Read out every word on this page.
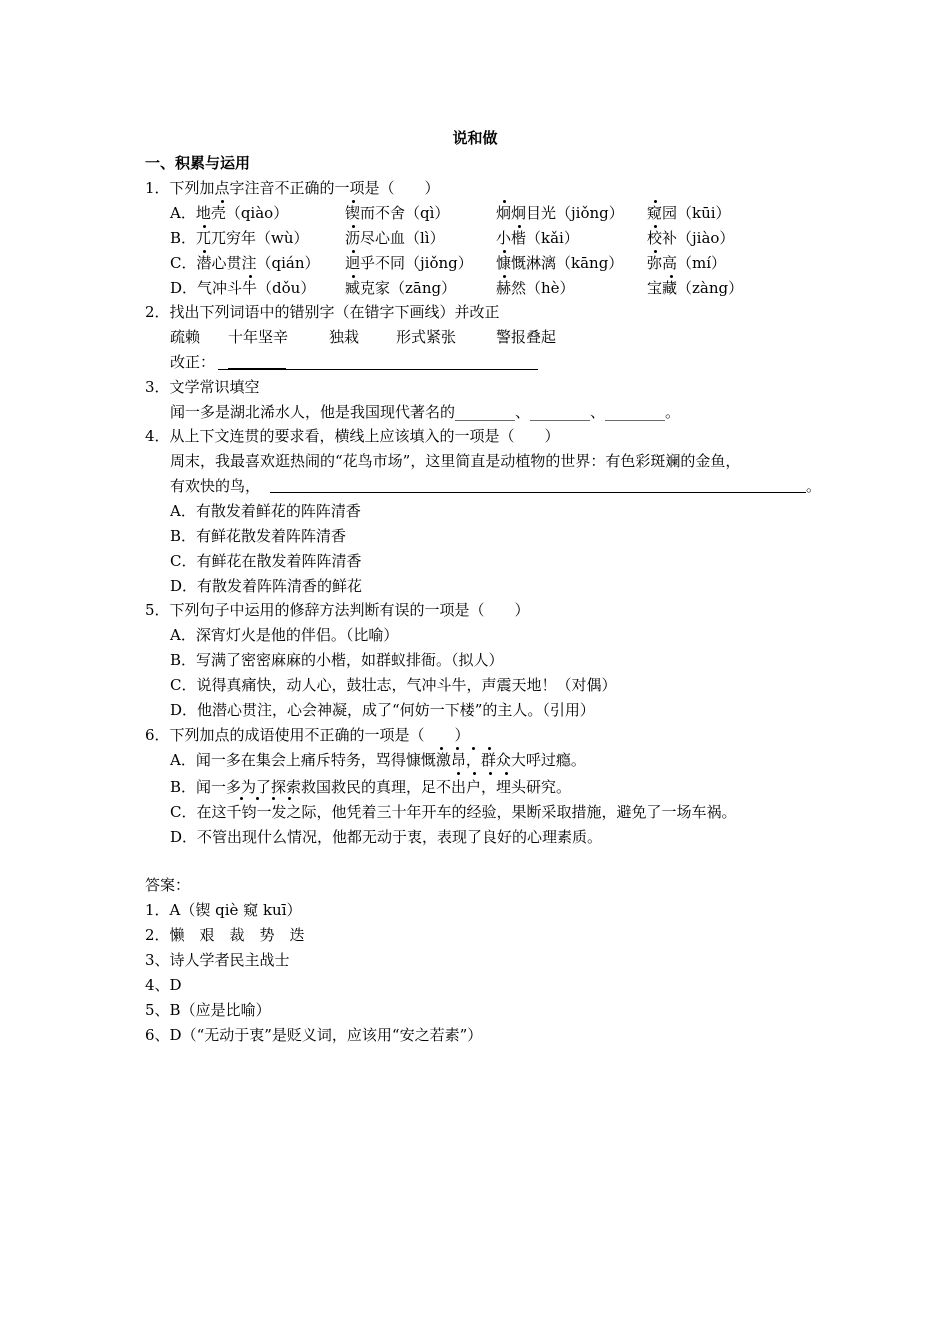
说和做
一、积累与运用
1．下列加点字注音不正确的一项是（　　）
A．地壳（qiào）	锲而不舍（qì）	炯炯目光（jiǒng） 窥园（kūi）
B．兀兀穷年（wù） 沥尽心血（lì）	小楷（kǎi）	校补（jiào）
C．潜心贯注（qián） 迥乎不同（jiǒng） 慷慨淋漓（kāng） 弥高（mí）
D．气冲斗牛（dǒu） 臧克家（zāng）	赫然（hè）	宝藏（zàng）
2．找出下列词语中的错别字（在错字下画线）并改正
疏赖 十年坚辛	独栽 形式紧张	警报叠起
改正：
3．文学常识填空
闻一多是湖北浠水人，他是我国现代著名的________、________、________。
4．从上下文连贯的要求看，横线上应该填入的一项是（　　）
周末，我最喜欢逛热闹的“花鸟市场”，这里简直是动植物的世界：有色彩斑斓的金鱼，
有欢快的鸟，	。
A．有散发着鲜花的阵阵清香
B．有鲜花散发着阵阵清香
C．有鲜花在散发着阵阵清香
D．有散发着阵阵清香的鲜花
5．下列句子中运用的修辞方法判断有误的一项是（　　）
A．深宵灯火是他的伴侣。（比喻）
B．写满了密密麻麻的小楷，如群蚁排衙。（拟人）
C．说得真痛快，动人心，鼓壮志，气冲斗牛，声震天地！（对偶）
D．他潜心贯注，心会神凝，成了“何妨一下楼”的主人。（引用）
6．下列加点的成语使用不正确的一项是（　　）
A．闻一多在集会上痛斥特务，骂得慷慨激昂，群众大呼过瘾。
B．闻一多为了探索救国救民的真理，足不出户，埋头研究。
C．在这千钧一发之际，他凭着三十年开车的经验，果断采取措施，避免了一场车祸。
D．不管出现什么情况，他都无动于衷，表现了良好的心理素质。
答案：
1．A（锲 qiè 窥 kuī）
2．懒　艰　裁　势　迭
3、诗人学者民主战士
4、D
5、B（应是比喻）
6、D（“无动于衷”是贬义词，应该用“安之若素”）
